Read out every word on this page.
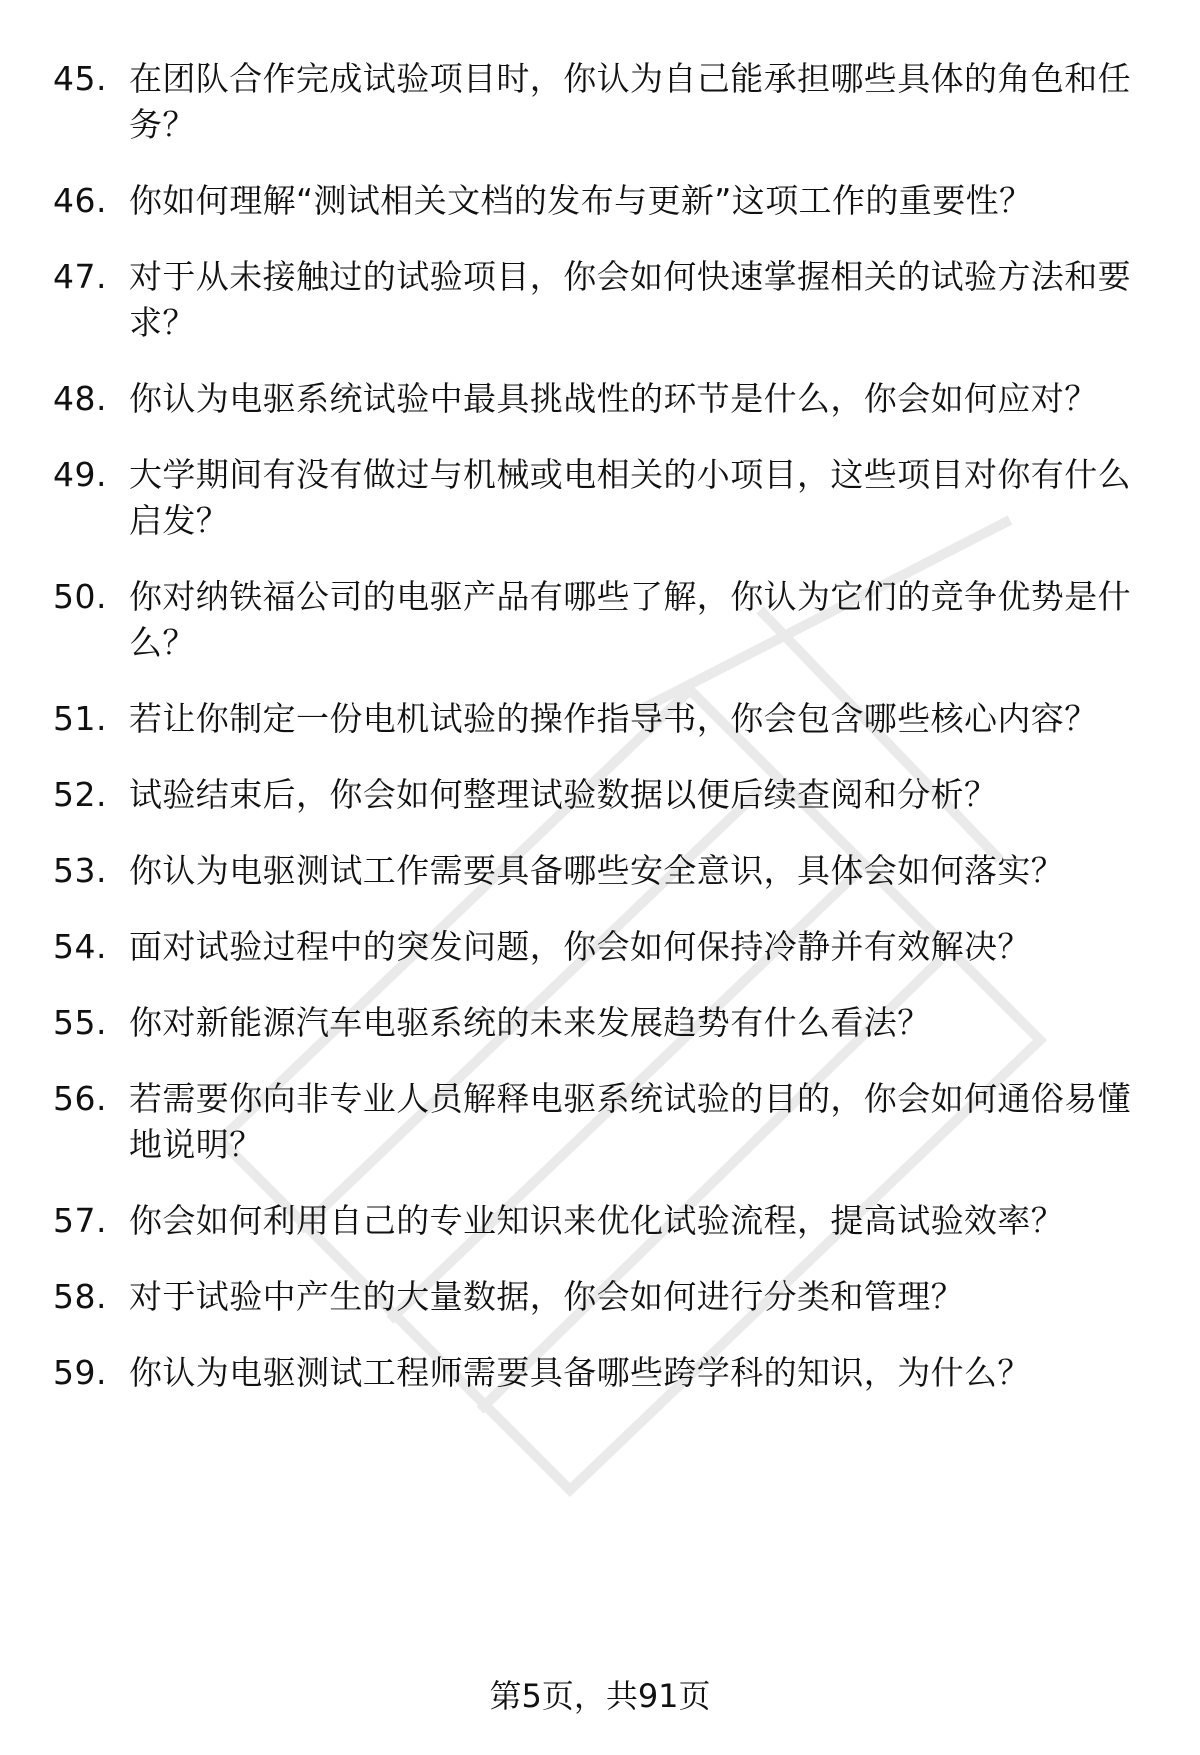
45. 在团队合作完成试验项目时，你认为自己能承担哪些具体的角色和任务？
46. 你如何理解“测试相关文档的发布与更新”这项工作的重要性？
47. 对于从未接触过的试验项目，你会如何快速掌握相关的试验方法和要求？
48. 你认为电驱系统试验中最具挑战性的环节是什么，你会如何应对？
49. 大学期间有没有做过与机械或电相关的小项目，这些项目对你有什么启发？
50. 你对纳铁福公司的电驱产品有哪些了解，你认为它们的竞争优势是什么？
51. 若让你制定一份电机试验的操作指导书，你会包含哪些核心内容？
52. 试验结束后，你会如何整理试验数据以便后续查阅和分析？
53. 你认为电驱测试工作需要具备哪些安全意识，具体会如何落实？
54. 面对试验过程中的突发问题，你会如何保持冷静并有效解决？
55. 你对新能源汽车电驱系统的未来发展趋势有什么看法？
56. 若需要你向非专业人员解释电驱系统试验的目的，你会如何通俗易懂地说明？
57. 你会如何利用自己的专业知识来优化试验流程，提高试验效率？
58. 对于试验中产生的大量数据，你会如何进行分类和管理？
59. 你认为电驱测试工程师需要具备哪些跨学科的知识，为什么？
第5页，共91页
